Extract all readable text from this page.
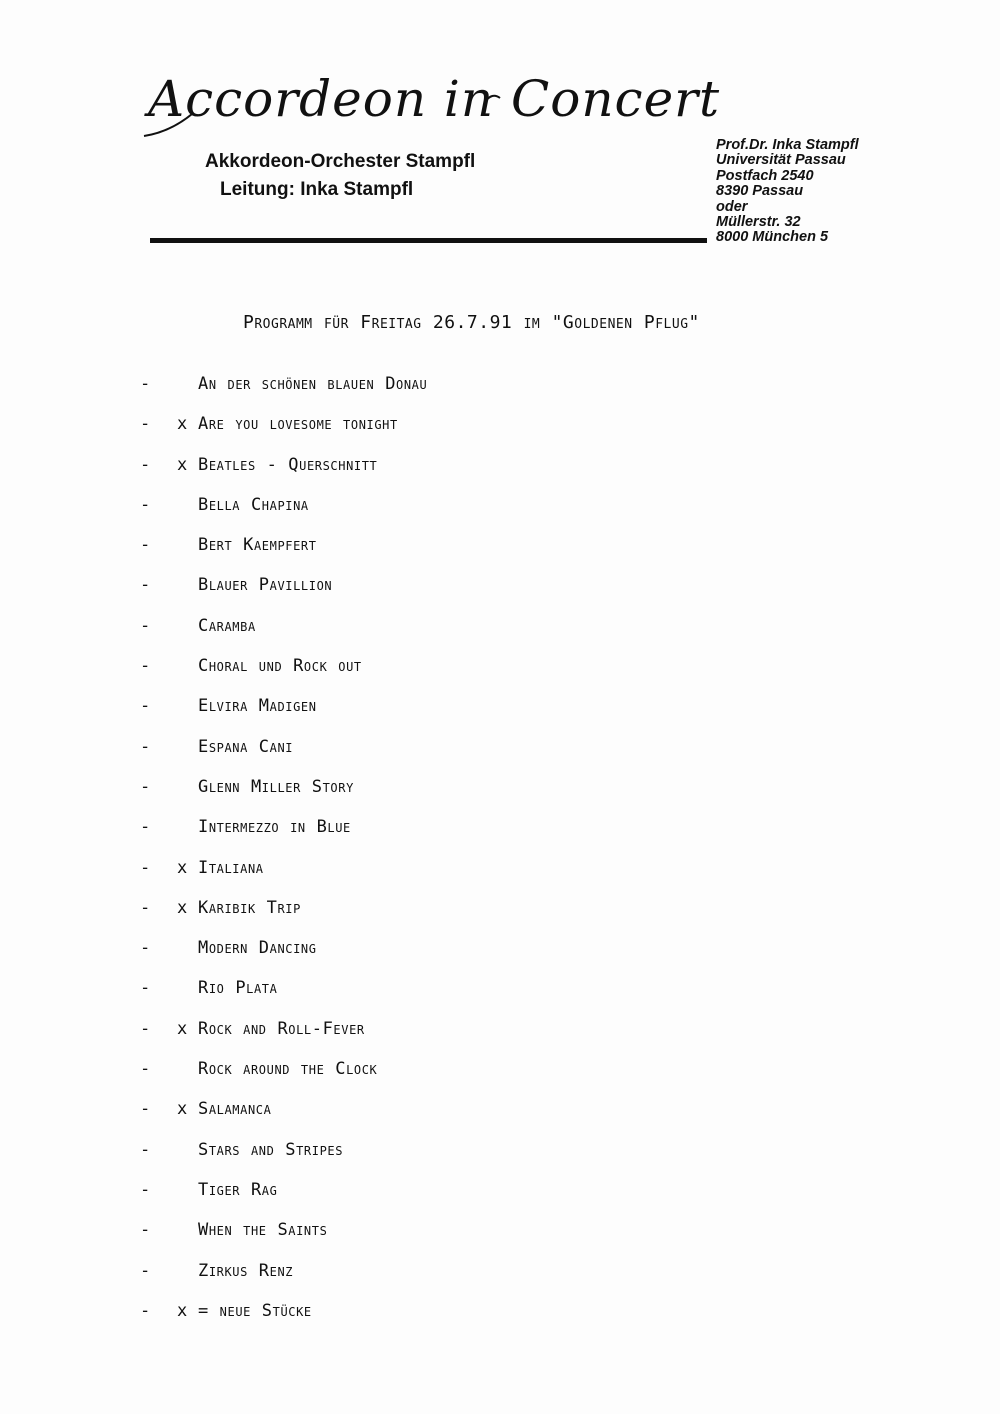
Accordeon in Concert
Akkordeon-Orchester Stampfl
Leitung: Inka Stampfl
Prof.Dr. Inka Stampfl
Universität Passau
Postfach 2540
8390 Passau
oder
Müllerstr. 32
8000 München 5
Programm für Freitag 26.7.91 im "Goldenen Pflug"
-	An der schönen blauen Donau
- x Are you lovesome tonight
- x Beatles - Querschnitt
-	Bella Chapina
-	Bert Kaempfert
-	Blauer Pavillion
-	Caramba
-	Choral und Rock out
-	Elvira Madigen
-	Espana Cani
-	Glenn Miller Story
-	Intermezzo in Blue
- x Italiana
- x Karibik Trip
-	Modern Dancing
-	Rio Plata
- x Rock and Roll-Fever
-	Rock around the Clock
- x Salamanca
-	Stars and Stripes
-	Tiger Rag
-	When the Saints
-	Zirkus Renz
- x = neue Stücke
